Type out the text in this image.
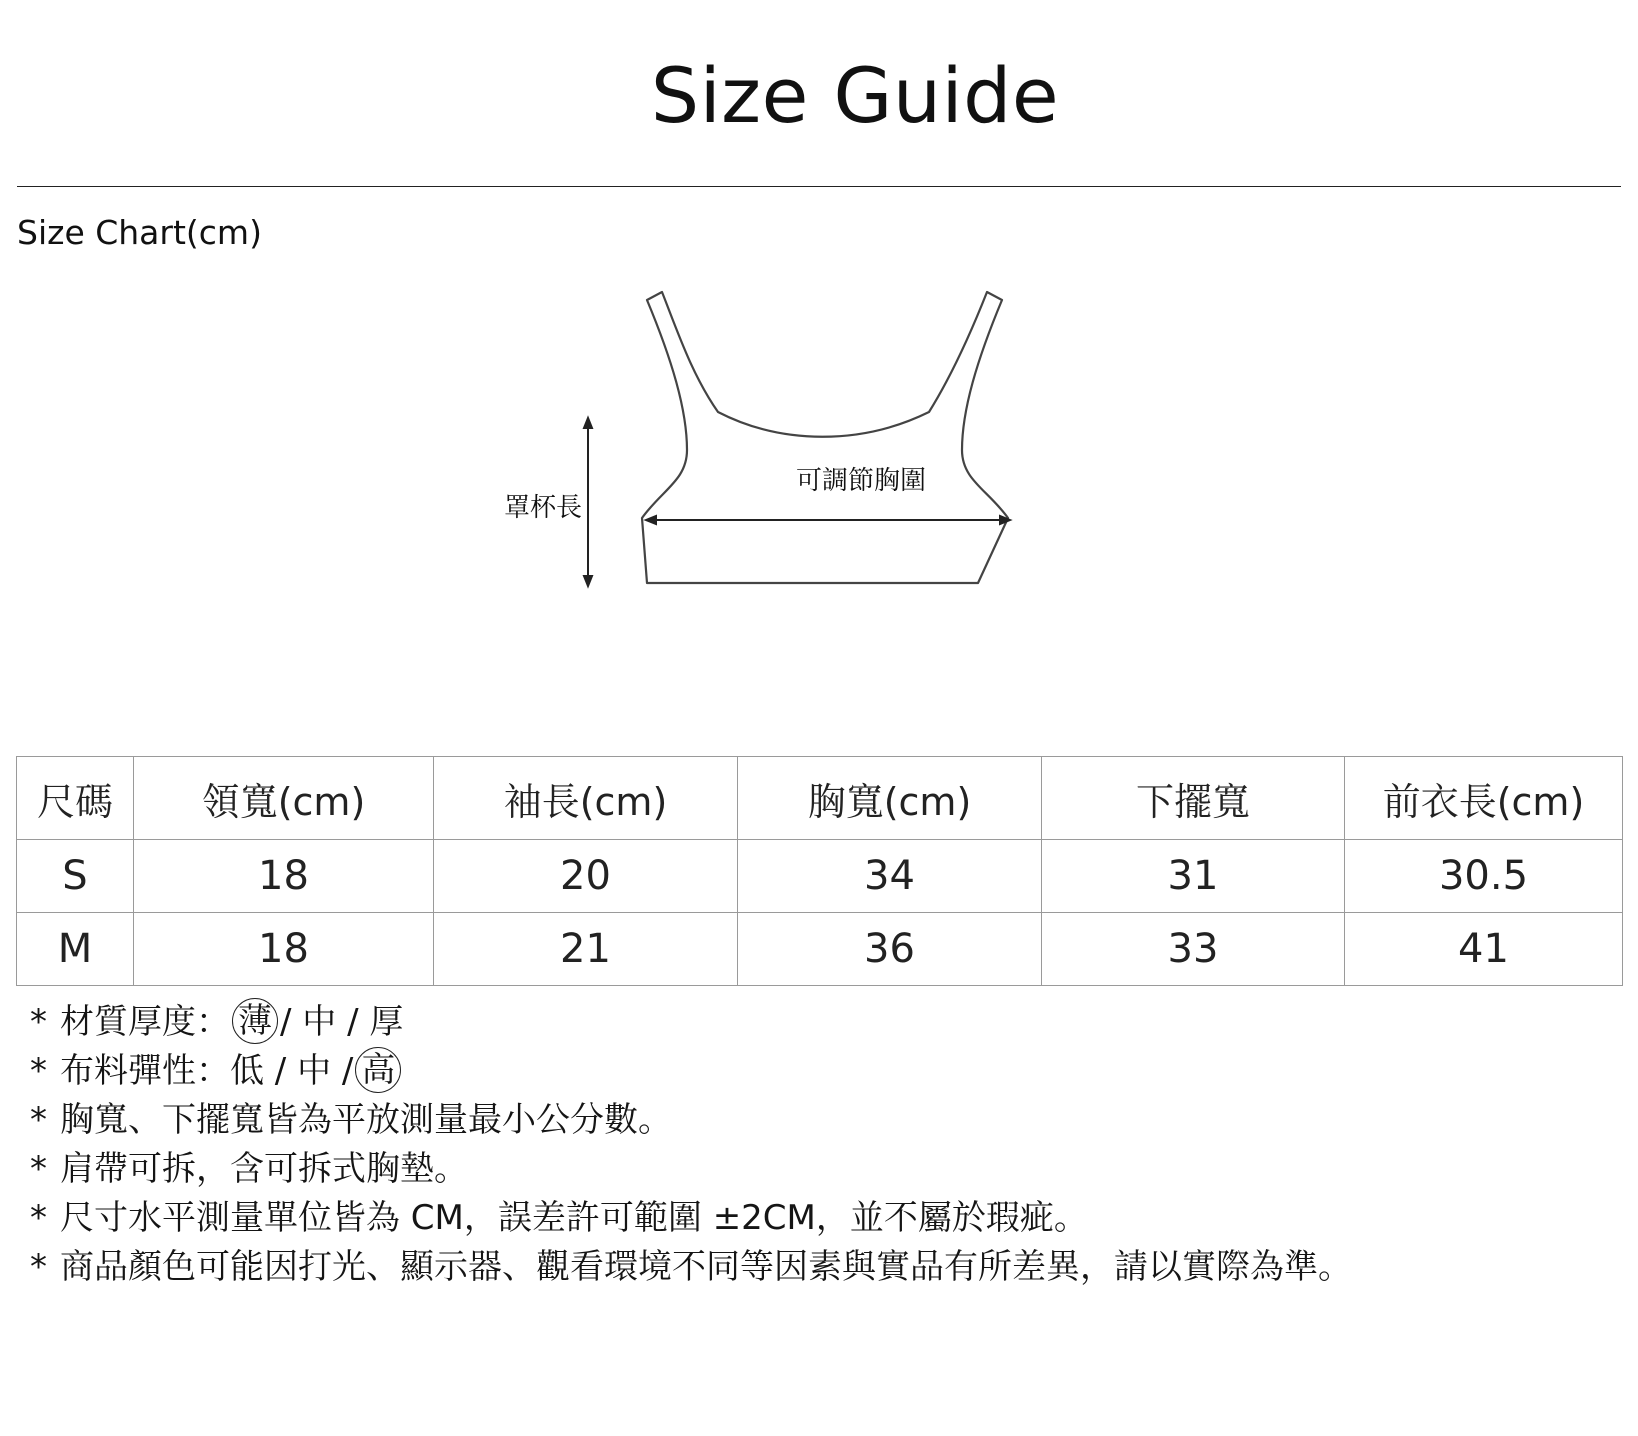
Size Guide
Size Chart(cm)
罩杯長
可調節胸圍
尺碼	領寬(cm)	袖長(cm)	胸寬(cm)	下擺寬	前衣長(cm)
S	18	20	34	31	30.5
M	18	21	36	33	41
* 材質厚度： 薄 / 中 / 厚
* 布料彈性：低 / 中 / 高
* 胸寬、下擺寬皆為平放測量最小公分數。
* 肩帶可拆，含可拆式胸墊。
* 尺寸水平測量單位皆為 CM，誤差許可範圍 ±2CM，並不屬於瑕疵。
* 商品顏色可能因打光、顯示器、觀看環境不同等因素與實品有所差異，請以實際為準。
